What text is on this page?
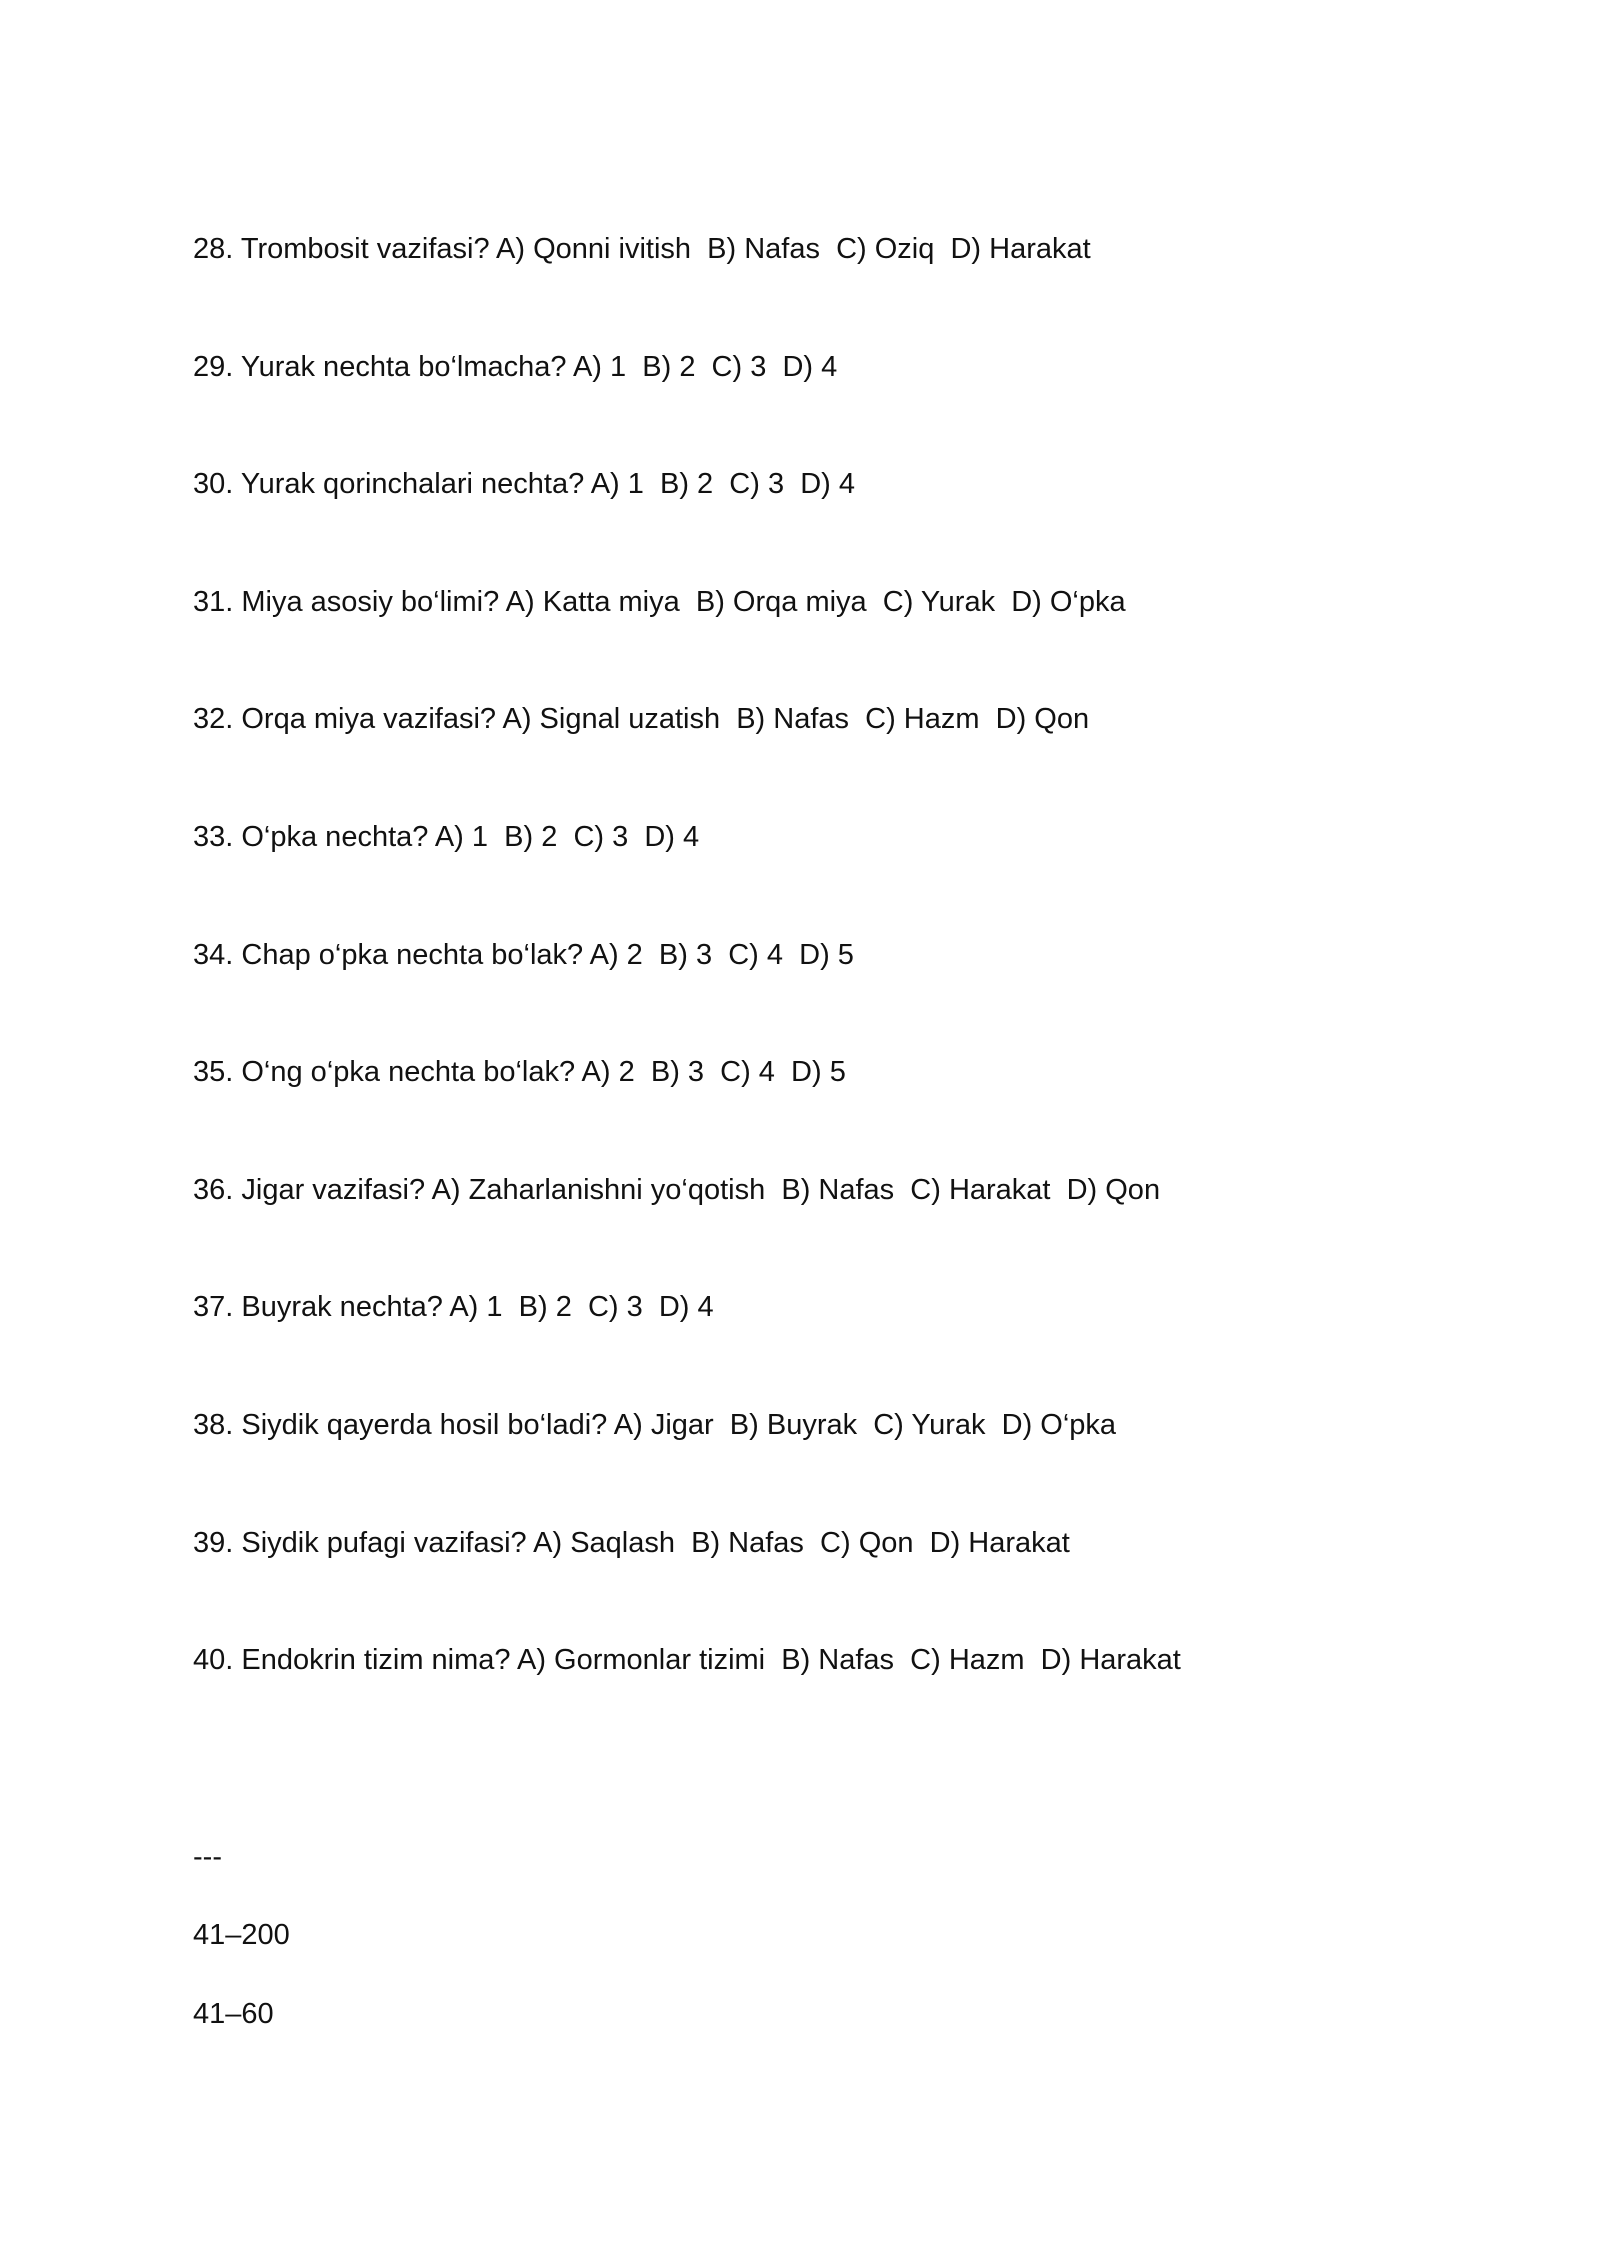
28. Trombosit vazifasi? A) Qonni ivitish  B) Nafas  C) Oziq  D) Harakat
29. Yurak nechta bo‘lmacha? A) 1  B) 2  C) 3  D) 4
30. Yurak qorinchalari nechta? A) 1  B) 2  C) 3  D) 4
31. Miya asosiy bo‘limi? A) Katta miya  B) Orqa miya  C) Yurak  D) O‘pka
32. Orqa miya vazifasi? A) Signal uzatish  B) Nafas  C) Hazm  D) Qon
33. O‘pka nechta? A) 1  B) 2  C) 3  D) 4
34. Chap o‘pka nechta bo‘lak? A) 2  B) 3  C) 4  D) 5
35. O‘ng o‘pka nechta bo‘lak? A) 2  B) 3  C) 4  D) 5
36. Jigar vazifasi? A) Zaharlanishni yo‘qotish  B) Nafas  C) Harakat  D) Qon
37. Buyrak nechta? A) 1  B) 2  C) 3  D) 4
38. Siydik qayerda hosil bo‘ladi? A) Jigar  B) Buyrak  C) Yurak  D) O‘pka
39. Siydik pufagi vazifasi? A) Saqlash  B) Nafas  C) Qon  D) Harakat
40. Endokrin tizim nima? A) Gormonlar tizimi  B) Nafas  C) Hazm  D) Harakat
---
41–200
41–60
